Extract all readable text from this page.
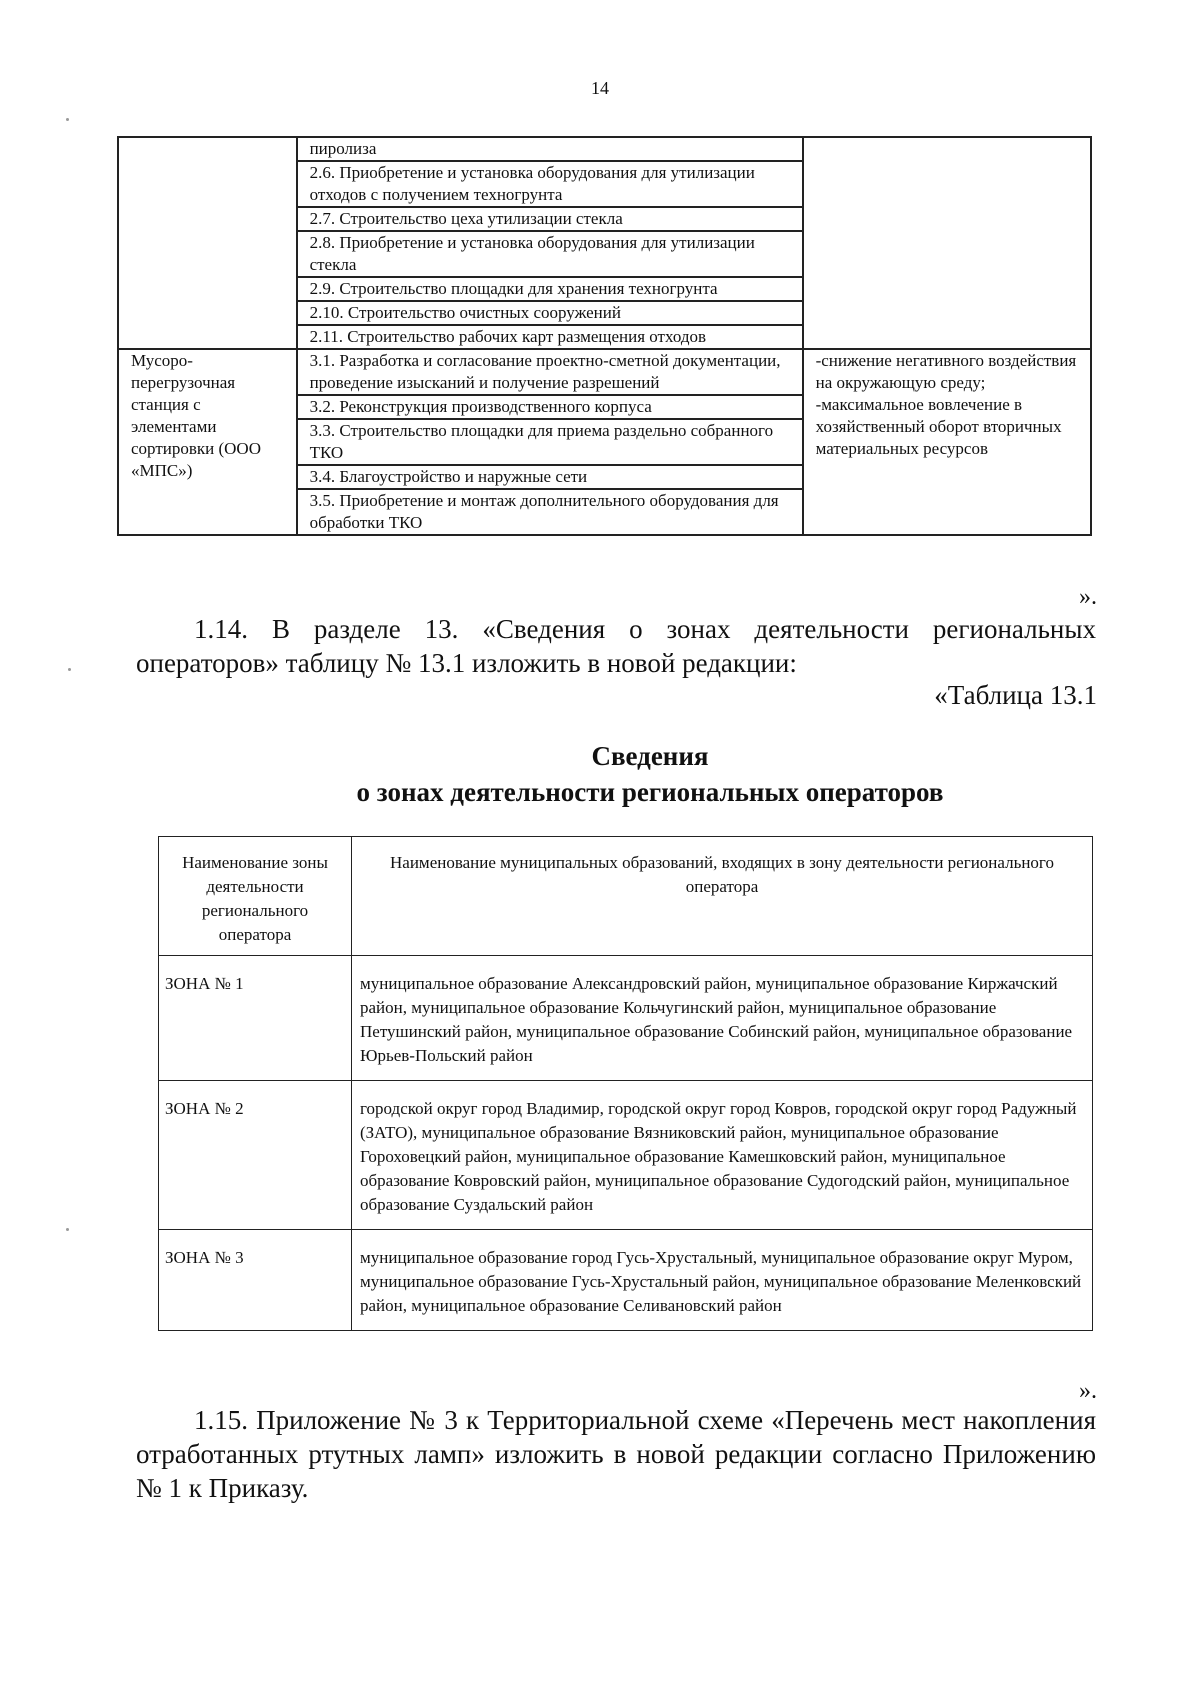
14
	пиролиза	
	2.6. Приобретение и установка оборудования для утилизации отходов с получением техногрунта	
	2.7. Строительство цеха утилизации стекла	
	2.8. Приобретение и установка оборудования для утилизации стекла	
	2.9. Строительство площадки для хранения техногрунта	
	2.10. Строительство очистных сооружений	
	2.11. Строительство рабочих карт размещения отходов	
Мусоро-перегрузочная станция с элементами сортировки (ООО «МПС»)	3.1. Разработка и согласование проектно-сметной документации, проведение изысканий и получение разрешений	-снижение негативного воздействия на окружающую среду; -максимальное вовлечение в хозяйственный оборот вторичных материальных ресурсов
	3.2. Реконструкция производственного корпуса	
	3.3. Строительство площадки для приема раздельно собранного ТКО	
	3.4. Благоустройство и наружные сети	
	3.5. Приобретение и монтаж дополнительного оборудования для обработки ТКО	
».
1.14. В разделе 13. «Сведения о зонах деятельности региональных операторов» таблицу № 13.1 изложить в новой редакции:
«Таблица 13.1
Сведения
о зонах деятельности региональных операторов
Наименование зоны деятельности регионального оператора	Наименование муниципальных образований, входящих в зону деятельности регионального оператора
ЗОНА № 1	муниципальное образование Александровский район, муниципальное образование Киржачский район, муниципальное образование Кольчугинский район, муниципальное образование Петушинский район, муниципальное образование Собинский район, муниципальное образование Юрьев-Польский район
ЗОНА № 2	городской округ город Владимир, городской округ город Ковров, городской округ город Радужный (ЗАТО), муниципальное образование Вязниковский район, муниципальное образование Гороховецкий район, муниципальное образование Камешковский район, муниципальное образование Ковровский район, муниципальное образование Судогодский район, муниципальное образование Суздальский район
ЗОНА № 3	муниципальное образование город Гусь-Хрустальный, муниципальное образование округ Муром, муниципальное образование Гусь-Хрустальный район, муниципальное образование Меленковский район, муниципальное образование Селивановский район
».
1.15. Приложение № 3 к Территориальной схеме «Перечень мест накопления отработанных ртутных ламп» изложить в новой редакции согласно Приложению № 1 к Приказу.
